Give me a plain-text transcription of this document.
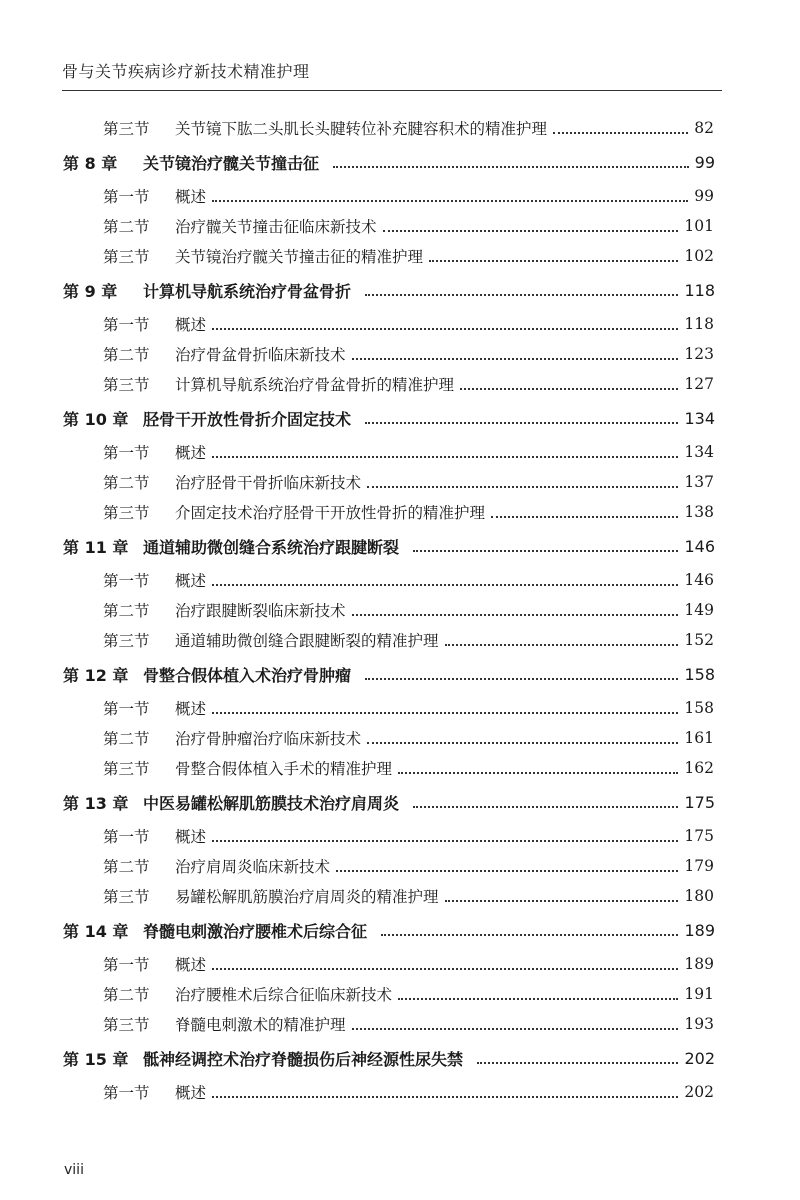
骨与关节疾病诊疗新技术精准护理
第三节	关节镜下肱二头肌长头腱转位补充腱容积术的精准护理	82
第 8 章	关节镜治疗髋关节撞击征	99
第一节	概述	99
第二节	治疗髋关节撞击征临床新技术	101
第三节	关节镜治疗髋关节撞击征的精准护理	102
第 9 章	计算机导航系统治疗骨盆骨折	118
第一节	概述	118
第二节	治疗骨盆骨折临床新技术	123
第三节	计算机导航系统治疗骨盆骨折的精准护理	127
第 10 章 胫骨干开放性骨折介固定技术	134
第一节	概述	134
第二节	治疗胫骨干骨折临床新技术	137
第三节	介固定技术治疗胫骨干开放性骨折的精准护理	138
第 11 章 通道辅助微创缝合系统治疗跟腱断裂	146
第一节	概述	146
第二节	治疗跟腱断裂临床新技术	149
第三节	通道辅助微创缝合跟腱断裂的精准护理	152
第 12 章 骨整合假体植入术治疗骨肿瘤	158
第一节	概述	158
第二节	治疗骨肿瘤治疗临床新技术	161
第三节	骨整合假体植入手术的精准护理	162
第 13 章 中医易罐松解肌筋膜技术治疗肩周炎	175
第一节	概述	175
第二节	治疗肩周炎临床新技术	179
第三节	易罐松解肌筋膜治疗肩周炎的精准护理	180
第 14 章 脊髓电刺激治疗腰椎术后综合征	189
第一节	概述	189
第二节	治疗腰椎术后综合征临床新技术	191
第三节	脊髓电刺激术的精准护理	193
第 15 章 骶神经调控术治疗脊髓损伤后神经源性尿失禁	202
第一节	概述	202
viii
